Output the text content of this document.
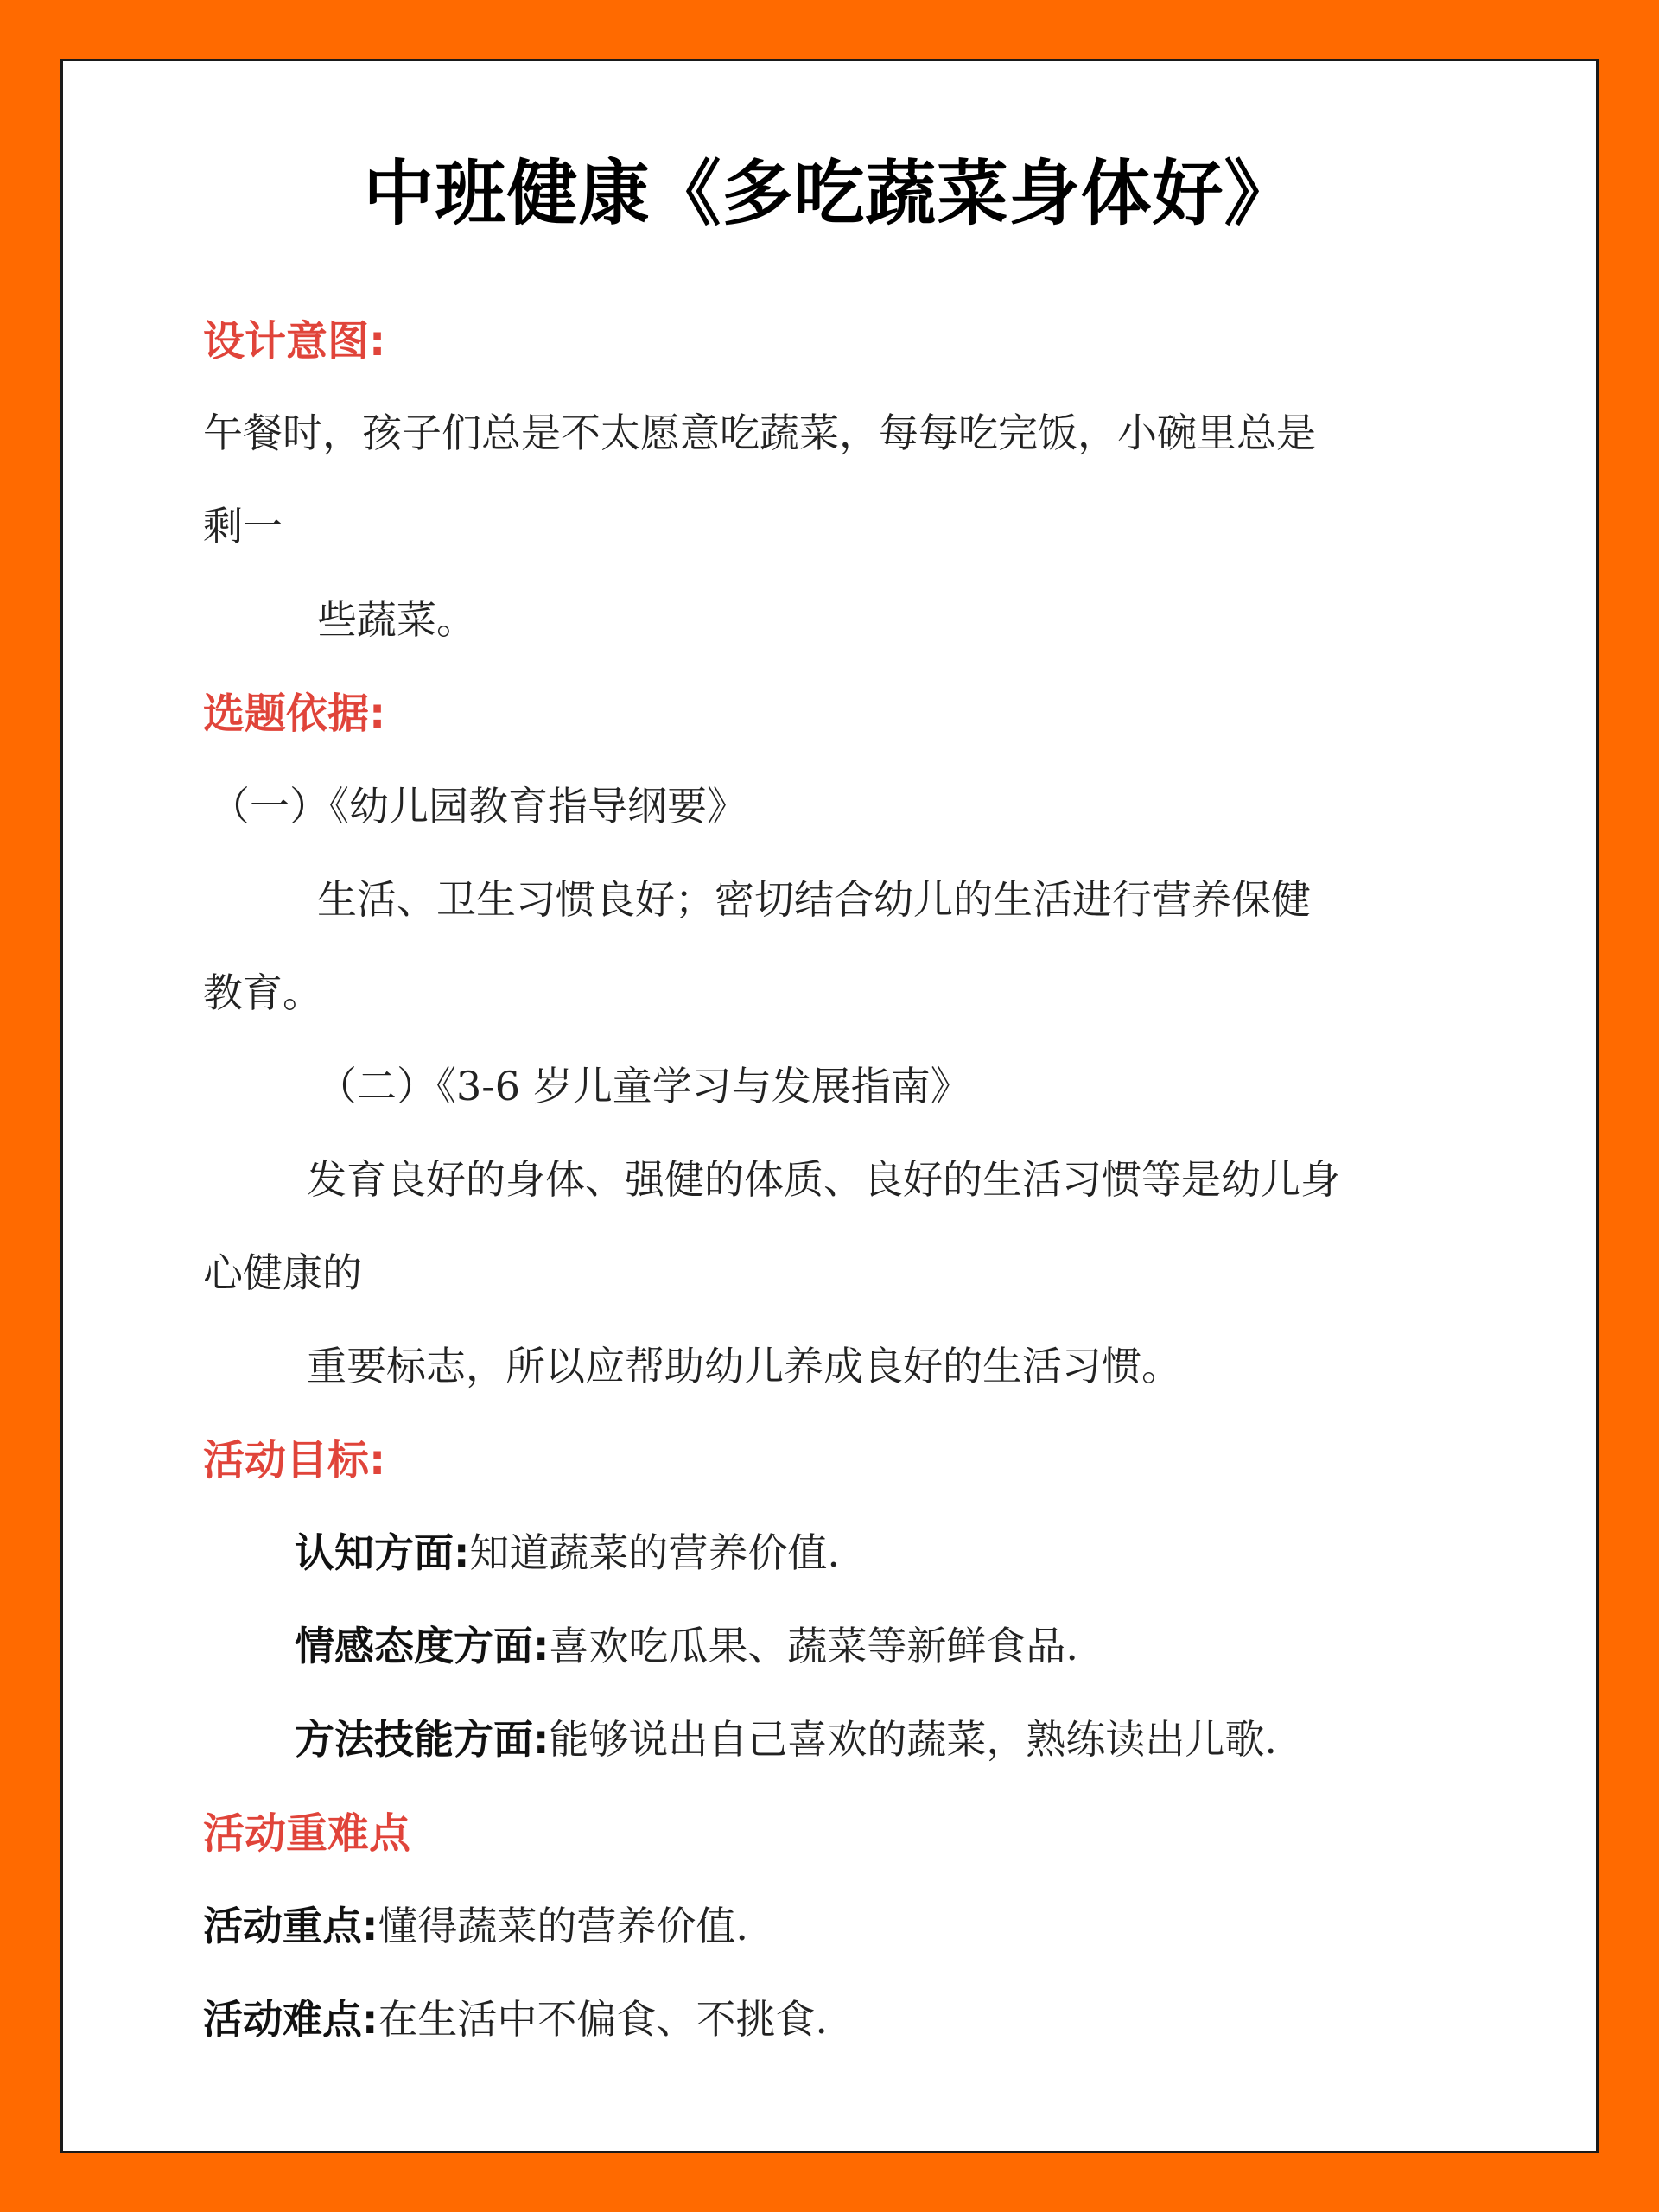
中班健康《多吃蔬菜身体好》
设计意图:
午餐时，孩子们总是不太愿意吃蔬菜，每每吃完饭，小碗里总是
剩一
些蔬菜。
选题依据:
（一）《幼儿园教育指导纲要》
生活、卫生习惯良好；密切结合幼儿的生活进行营养保健
教育。
（二）《3-6 岁儿童学习与发展指南》
发育良好的身体、强健的体质、良好的生活习惯等是幼儿身
心健康的
重要标志，所以应帮助幼儿养成良好的生活习惯。
活动目标:
认知方面:知道蔬菜的营养价值.
情感态度方面:喜欢吃瓜果、蔬菜等新鲜食品.
方法技能方面:能够说出自己喜欢的蔬菜，熟练读出儿歌.
活动重难点
活动重点:懂得蔬菜的营养价值.
活动难点:在生活中不偏食、不挑食.
